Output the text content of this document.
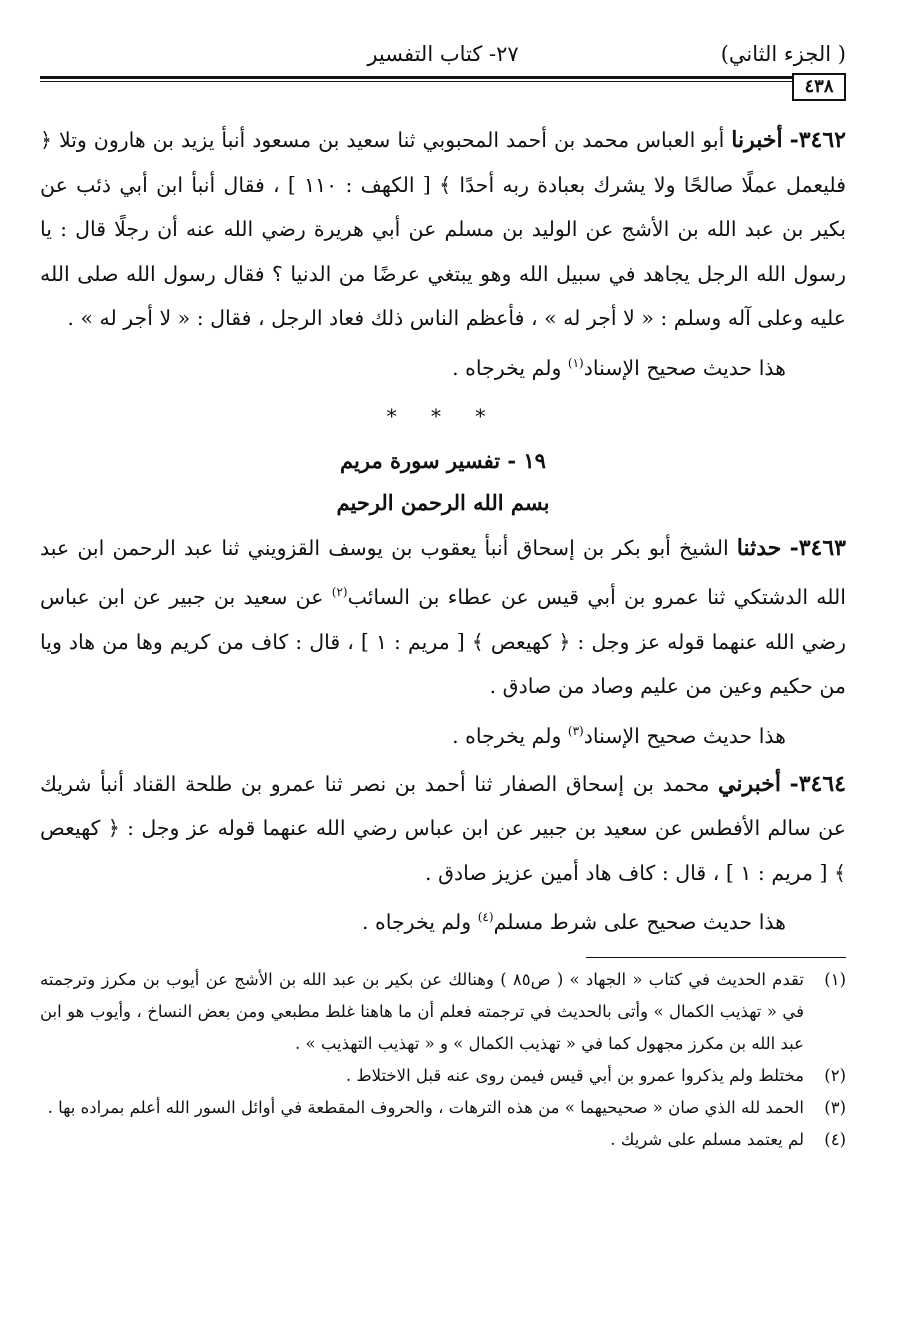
( الجزء الثاني)
٢٧- كتاب التفسير
٤٣٨

٣٤٦٢- أخبرنا أبو العباس محمد بن أحمد المحبوبي ثنا سعيد بن مسعود أنبأ يزيد بن هارون وتلا ﴿ فليعمل عملًا صالحًا ولا يشرك بعبادة ربه أحدًا ﴾ [ الكهف : ١١٠ ] ، فقال أنبأ ابن أبي ذئب عن بكير بن عبد الله بن الأشج عن الوليد بن مسلم عن أبي هريرة رضي الله عنه أن رجلًا قال : يا رسول الله الرجل يجاهد في سبيل الله وهو يبتغي عرضًا من الدنيا ؟ فقال رسول الله صلى الله عليه وعلى آله وسلم : « لا أجر له » ، فأعظم الناس ذلك فعاد الرجل ، فقال : « لا أجر له » .

هذا حديث صحيح الإسناد$^{(١)}$ ولم يخرجاه .

* * *
١٩ - تفسير سورة مريم
بسم الله الرحمن الرحيم

٣٤٦٣- حدثنا الشيخ أبو بكر بن إسحاق أنبأ يعقوب بن يوسف القزويني ثنا عبد الرحمن ابن عبد الله الدشتكي ثنا عمرو بن أبي قيس عن عطاء بن السائب$^{(٢)}$ عن سعيد بن جبير عن ابن عباس رضي الله عنهما قوله عز وجل : ﴿ كهيعص ﴾ [ مريم : ١ ] ، قال : كاف من كريم وها من هاد ويا من حكيم وعين من عليم وصاد من صادق .

هذا حديث صحيح الإسناد$^{(٣)}$ ولم يخرجاه .

٣٤٦٤- أخبرني محمد بن إسحاق الصفار ثنا أحمد بن نصر ثنا عمرو بن طلحة القناد أنبأ شريك عن سالم الأفطس عن سعيد بن جبير عن ابن عباس رضي الله عنهما قوله عز وجل : ﴿ كهيعص ﴾ [ مريم : ١ ] ، قال : كاف هاد أمين عزيز صادق .

هذا حديث صحيح على شرط مسلم$^{(٤)}$ ولم يخرجاه .

(١)
تقدم الحديث في كتاب « الجهاد » ( ص٨٥ ) وهنالك عن بكير بن عبد الله بن الأشج عن أيوب بن مكرز وترجمته في « تهذيب الكمال » وأتى بالحديث في ترجمته فعلم أن ما هاهنا غلط مطبعي ومن بعض النساخ ، وأيوب هو ابن عبد الله بن مكرز مجهول كما في « تهذيب الكمال » و « تهذيب التهذيب » .
(٢)
مختلط ولم يذكروا عمرو بن أبي قيس فيمن روى عنه قبل الاختلاط .
(٣)
الحمد لله الذي صان « صحيحيهما » من هذه الترهات ، والحروف المقطعة في أوائل السور الله أعلم بمراده بها .
(٤)
لم يعتمد مسلم على شريك .
